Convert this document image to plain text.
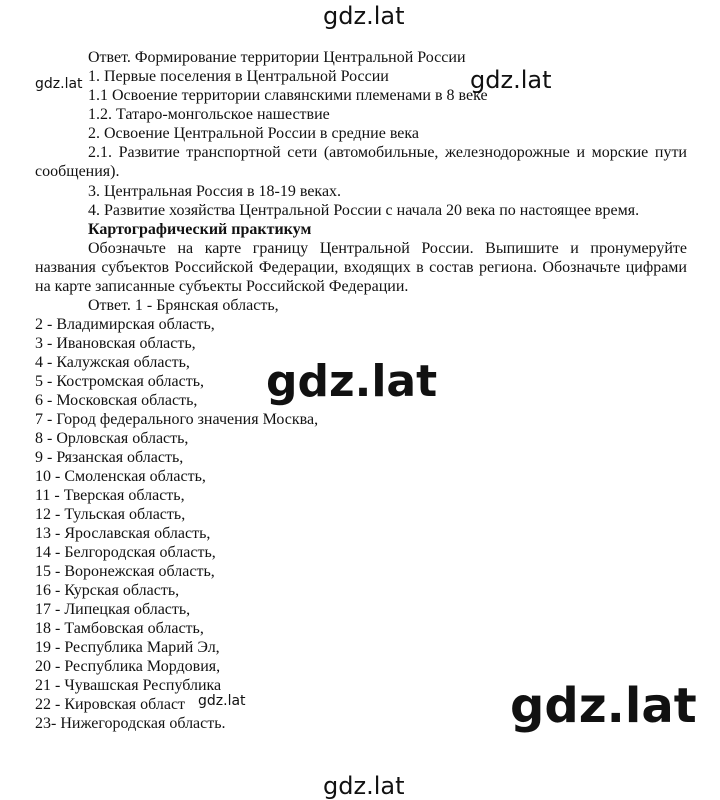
Ответ. Формирование территории Центральной России
1. Первые поселения в Центральной России
1.1 Освоение территории славянскими племенами в 8 веке
1.2. Татаро-монгольское нашествие
2. Освоение Центральной России в средние века
2.1. Развитие транспортной сети (автомобильные, железнодорожные и морские пути сообщения).
3. Центральная Россия в 18-19 веках.
4. Развитие хозяйства Центральной России с начала 20 века по настоящее время.
Картографический практикум
Обозначьте на карте границу Центральной России. Выпишите и пронумеруйте названия субъектов Российской Федерации, входящих в состав региона. Обозначьте цифрами на карте записанные субъекты Российской Федерации.
Ответ. 1 - Брянская область,
2 - Владимирская область,
3 - Ивановская область,
4 - Калужская область,
5 - Костромская область,
6 - Московская область,
7 - Город федерального значения Москва,
8 - Орловская область,
9 - Рязанская область,
10 - Смоленская область,
11 - Тверская область,
12 - Тульская область,
13 - Ярославская область,
14 - Белгородская область,
15 - Воронежская область,
16 - Курская область,
17 - Липецкая область,
18 - Тамбовская область,
19 - Республика Марий Эл,
20 - Республика Мордовия,
21 - Чувашская Республика
22 - Кировская област
23- Нижегородская область.
gdz.lat
gdz.lat	gdz.lat
gdz.lat
gdz.lat	gdz.lat
gdz.lat
